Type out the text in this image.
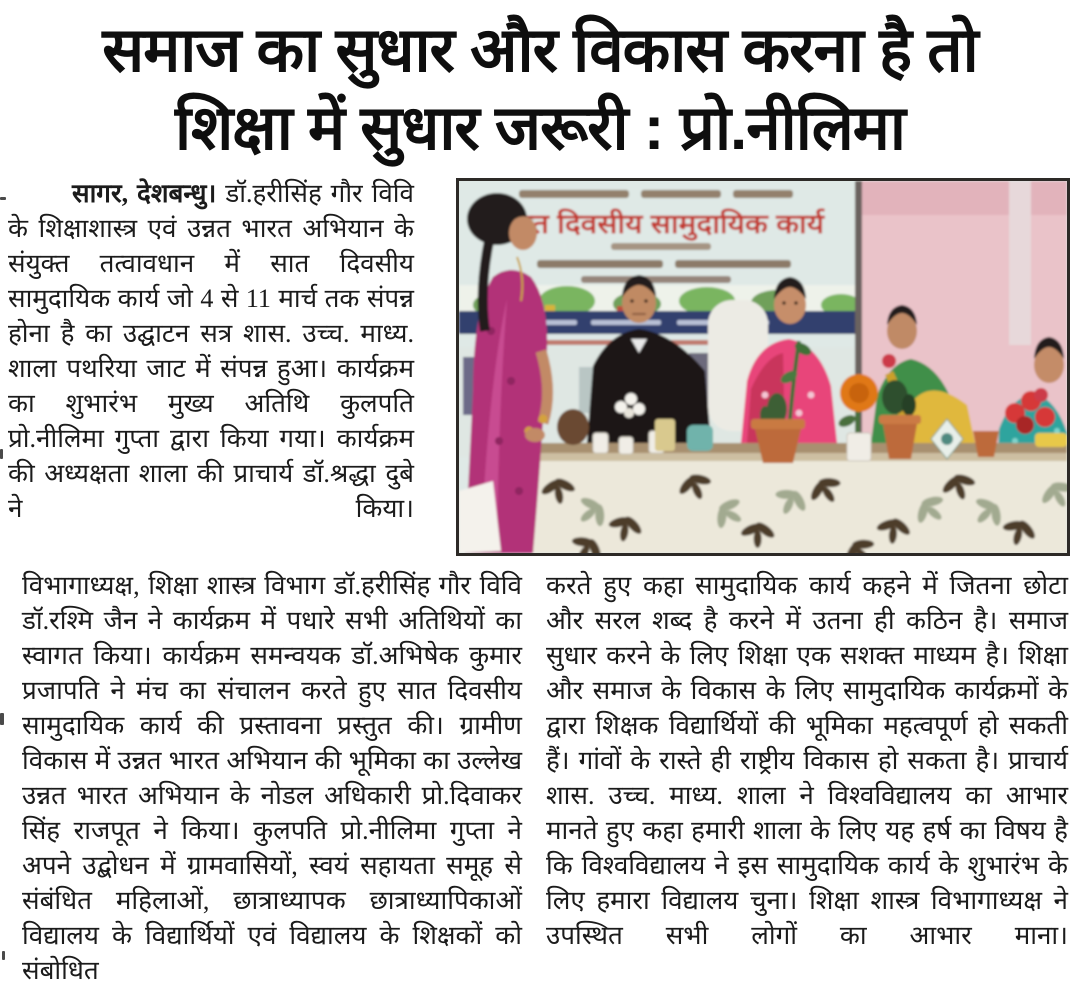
समाज का सुधार और विकास करना है तो
शिक्षा में सुधार जरूरी : प्रो.नीलिमा

सागर, देशबन्धु। डॉ.हरीसिंह गौर विवि के शिक्षाशास्त्र एवं उन्नत भारत अभियान के संयुक्त तत्वावधान में सात दिवसीय सामुदायिक कार्य जो 4 से 11 मार्च तक संपन्न होना है का उद्घाटन सत्र शास. उच्च. माध्य. शाला पथरिया जाट में संपन्न हुआ। कार्यक्रम का शुभारंभ मुख्य अतिथि कुलपति प्रो.नीलिमा गुप्ता द्वारा किया गया। कार्यक्रम की अध्यक्षता शाला की प्राचार्य डॉ.श्रद्धा दुबे ने किया।

सात दिवसीय सामुदायिक कार्य
विभागाध्यक्ष, शिक्षा शास्त्र विभाग डॉ.हरीसिंह गौर विवि डॉ.रश्मि जैन ने कार्यक्रम में पधारे सभी अतिथियों का स्वागत किया। कार्यक्रम समन्वयक डॉ.अभिषेक कुमार प्रजापति ने मंच का संचालन करते हुए सात दिवसीय सामुदायिक कार्य की प्रस्तावना प्रस्तुत की। ग्रामीण विकास में उन्नत भारत अभियान की भूमिका का उल्लेख उन्नत भारत अभियान के नोडल अधिकारी प्रो.दिवाकर सिंह राजपूत ने किया। कुलपति प्रो.नीलिमा गुप्ता ने अपने उद्बोधन में ग्रामवासियों, स्वयं सहायता समूह से संबंधित महिलाओं, छात्राध्यापक छात्राध्यापिकाओं विद्यालय के विद्यार्थियों एवं विद्यालय के शिक्षकों को संबोधित
करते हुए कहा सामुदायिक कार्य कहने में जितना छोटा और सरल शब्द है करने में उतना ही कठिन है। समाज सुधार करने के लिए शिक्षा एक सशक्त माध्यम है। शिक्षा और समाज के विकास के लिए सामुदायिक कार्यक्रमों के द्वारा शिक्षक विद्यार्थियों की भूमिका महत्वपूर्ण हो सकती हैं। गांवों के रास्ते ही राष्ट्रीय विकास हो सकता है। प्राचार्य शास. उच्च. माध्य. शाला ने विश्वविद्यालय का आभार मानते हुए कहा हमारी शाला के लिए यह हर्ष का विषय है कि विश्वविद्यालय ने इस सामुदायिक कार्य के शुभारंभ के लिए हमारा विद्यालय चुना। शिक्षा शास्त्र विभागाध्यक्ष ने उपस्थित सभी लोगों का आभार माना।
